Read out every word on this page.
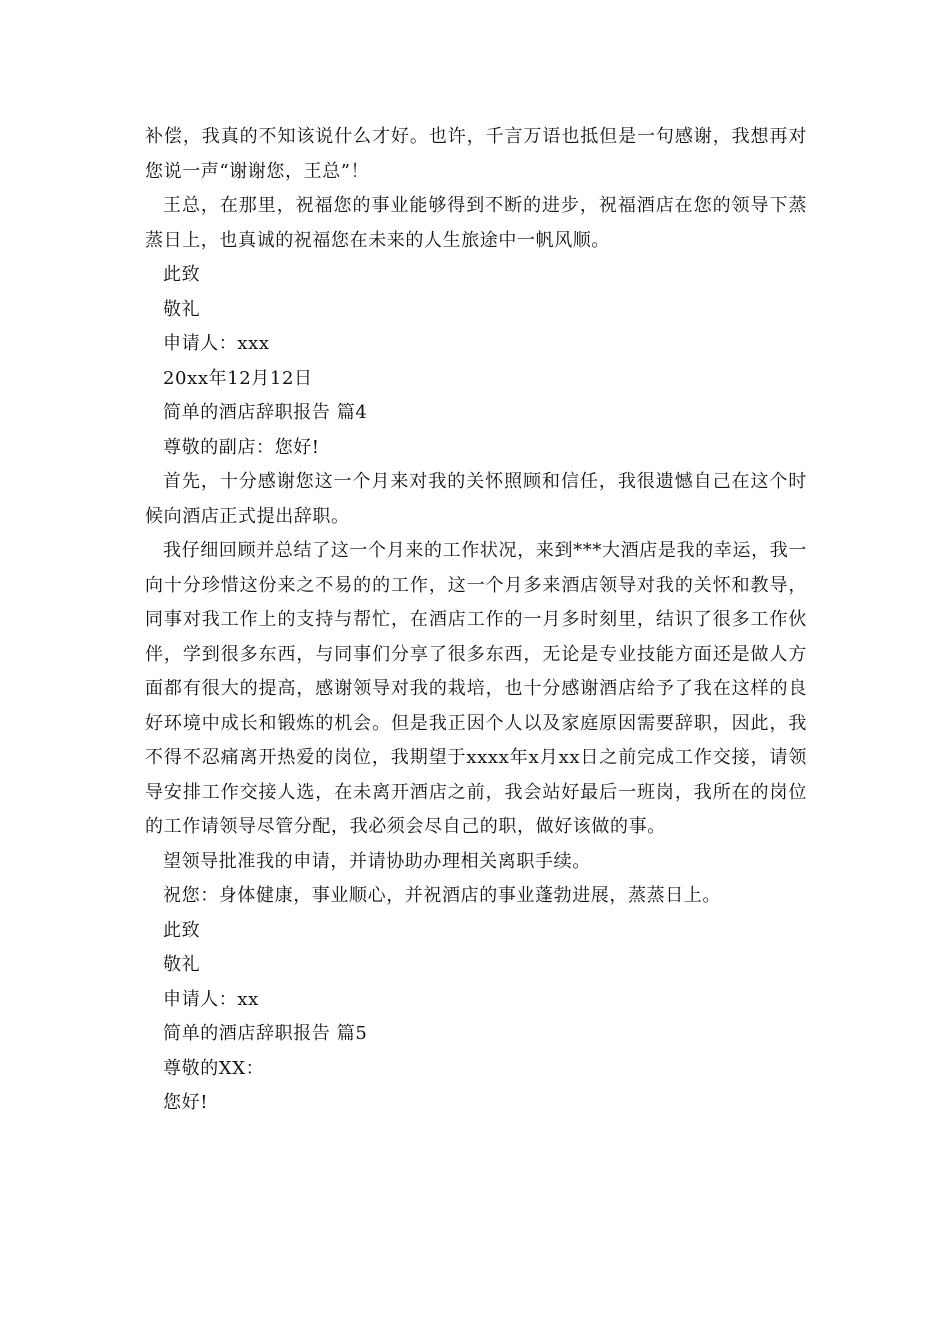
补偿，我真的不知该说什么才好。也许，千言万语也抵但是一句感谢，我想再对您说一声“谢谢您，王总”！

王总，在那里，祝福您的事业能够得到不断的进步，祝福酒店在您的领导下蒸蒸日上，也真诚的祝福您在未来的人生旅途中一帆风顺。

此致

敬礼

申请人：xxx

20xx年12月12日

简单的酒店辞职报告 篇4

尊敬的副店：您好!

首先，十分感谢您这一个月来对我的关怀照顾和信任，我很遗憾自己在这个时候向酒店正式提出辞职。

我仔细回顾并总结了这一个月来的工作状况，来到***大酒店是我的幸运，我一向十分珍惜这份来之不易的的工作，这一个月多来酒店领导对我的关怀和教导，同事对我工作上的支持与帮忙，在酒店工作的一月多时刻里，结识了很多工作伙伴，学到很多东西，与同事们分享了很多东西，无论是专业技能方面还是做人方面都有很大的提高，感谢领导对我的栽培，也十分感谢酒店给予了我在这样的良好环境中成长和锻炼的机会。但是我正因个人以及家庭原因需要辞职，因此，我不得不忍痛离开热爱的岗位，我期望于xxxx年x月xx日之前完成工作交接，请领导安排工作交接人选，在未离开酒店之前，我会站好最后一班岗，我所在的岗位的工作请领导尽管分配，我必须会尽自己的职，做好该做的事。

望领导批准我的申请，并请协助办理相关离职手续。

祝您：身体健康，事业顺心，并祝酒店的事业蓬勃进展，蒸蒸日上。

此致

敬礼

申请人：xx

简单的酒店辞职报告 篇5

尊敬的XX：

您好!
